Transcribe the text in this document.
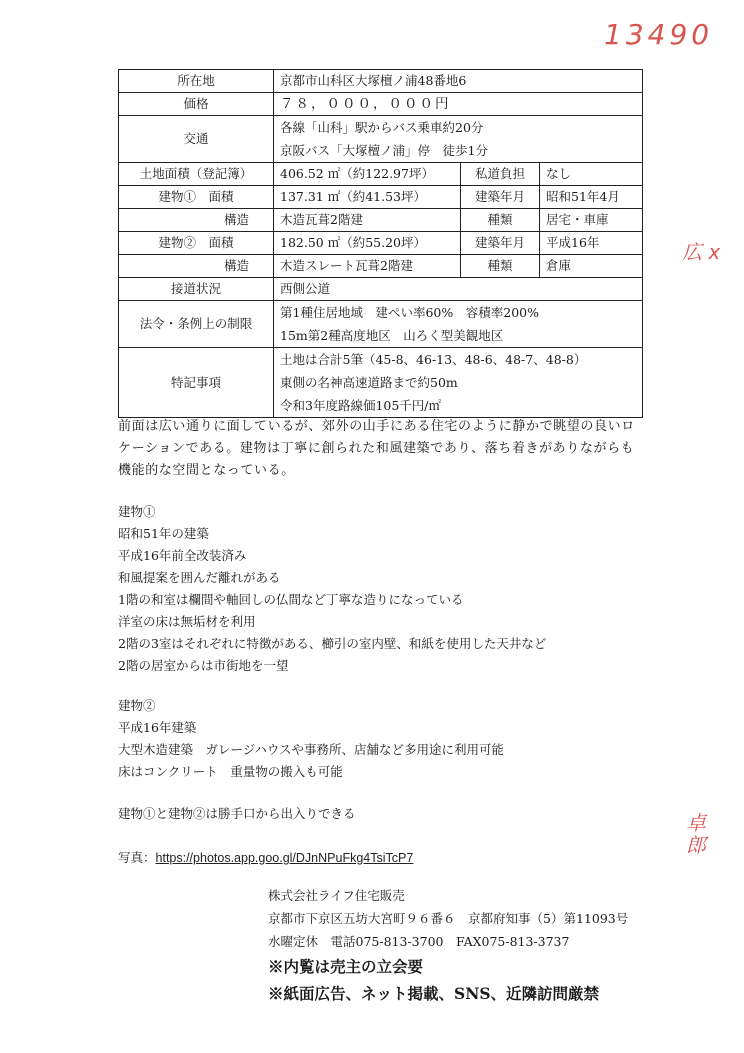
13490
広 x
卓郎
所在地	京都市山科区大塚檀ノ浦48番地6		
価格	７８，０００，０００円		
交通	各線「山科」駅からバス乗車約20分
京阪バス「大塚檀ノ浦」停　徒歩1分		

土地面積（登記簿）	406.52 ㎡（約122.97坪）	私道負担	なし
建物①　面積	137.31 ㎡（約41.53坪）	建築年月	昭和51年4月
構造	木造瓦葺2階建	種類	居宅・車庫
建物②　面積	182.50 ㎡（約55.20坪）	建築年月	平成16年
構造	木造スレート瓦葺2階建	種類	倉庫
接道状況	西側公道		
法令・条例上の制限	第1種住居地域　建ぺい率60%　容積率200%
15m第2種高度地区　山ろく型美観地区		

特記事項	土地は合計5筆（45-8、46-13、48-6、48-7、48-8）
東側の名神高速道路まで約50m
令和3年度路線価105千円/㎡		
前面は広い通りに面しているが、郊外の山手にある住宅のように静かで眺望の良いロケーションである。建物は丁寧に創られた和風建築であり、落ち着きがありながらも機能的な空間となっている。
建物①
昭和51年の建築
平成16年前全改装済み
和風提案を囲んだ離れがある
1階の和室は欄間や軸回しの仏間など丁寧な造りになっている
洋室の床は無垢材を利用
2階の3室はそれぞれに特徴がある、櫛引の室内壁、和紙を使用した天井など
2階の居室からは市街地を一望
建物②
平成16年建築
大型木造建築　ガレージハウスや事務所、店舗など多用途に利用可能
床はコンクリート　重量物の搬入も可能
建物①と建物②は勝手口から出入りできる
写真：https://photos.app.goo.gl/DJnNPuFkg4TsiTcP7
株式会社ライフ住宅販売
京都市下京区五坊大宮町９６番６　京都府知事（5）第11093号
水曜定休　電話075-813-3700　FAX075-813-3737
※内覧は売主の立会要
※紙面広告、ネット掲載、SNS、近隣訪問厳禁
